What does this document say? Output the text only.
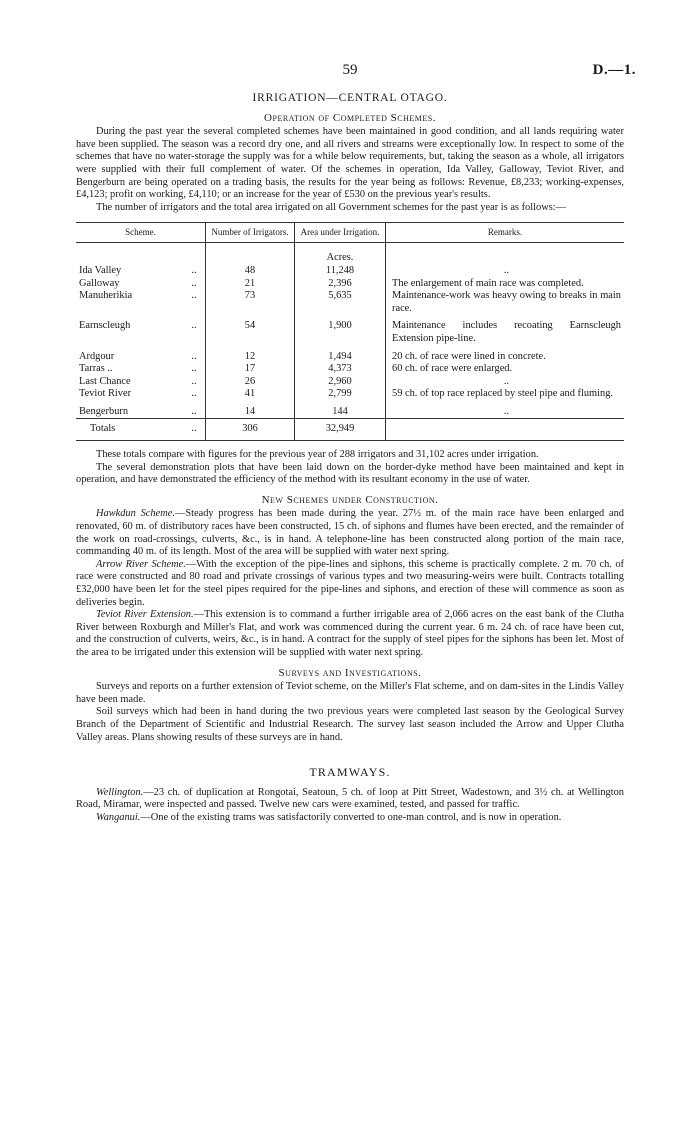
59	D.—1.
IRRIGATION—CENTRAL OTAGO.
Operation of Completed Schemes.

During the past year the several completed schemes have been maintained in good condition, and all lands requiring water have been supplied. The season was a record dry one, and all rivers and streams were exceptionally low. In respect to some of the schemes that have no water-storage the supply was for a while below requirements, but, taking the season as a whole, all irrigators were supplied with their full complement of water. Of the schemes in operation, Ida Valley, Galloway, Teviot River, and Bengerburn are being operated on a trading basis, the results for the year being as follows: Revenue, £8,233; working-expenses, £4,123; profit on working, £4,110; or an increase for the year of £530 on the previous year's results.

The number of irrigators and the total area irrigated on all Government schemes for the past year is as follows:—

Scheme.		Number of Irrigators.	Area under Irrigation.	Remarks.
			Acres.	
Ida Valley	..	48	11,248	..
Galloway	..	21	2,396	The enlargement of main race was completed.
Manuherikia	..	73	5,635	Maintenance-work was heavy owing to breaks in main race.
Earnscleugh	..	54	1,900	Maintenance includes recoating Earnscleugh Extension pipe-line.
Ardgour	..	12	1,494	20 ch. of race were lined in concrete.
Tarras ..	..	17	4,373	60 ch. of race were enlarged.
Last Chance	..	26	2,960	..
Teviot River	..	41	2,799	59 ch. of top race replaced by steel pipe and fluming.
Bengerburn	..	14	144	..
Totals	..	306	32,949	

These totals compare with figures for the previous year of 288 irrigators and 31,102 acres under irrigation.

The several demonstration plots that have been laid down on the border-dyke method have been maintained and kept in operation, and have demonstrated the efficiency of the method with its resultant economy in the use of water.

New Schemes under Construction.

Hawkdun Scheme.—Steady progress has been made during the year. 27½ m. of the main race have been enlarged and renovated, 60 m. of distributory races have been constructed, 15 ch. of siphons and flumes have been erected, and the remainder of the work on road-crossings, culverts, &c., is in hand. A telephone-line has been constructed along portion of the main race, commanding 40 m. of its length. Most of the area will be supplied with water next spring.

Arrow River Scheme.—With the exception of the pipe-lines and siphons, this scheme is practically complete. 2 m. 70 ch. of race were constructed and 80 road and private crossings of various types and two measuring-weirs were built. Contracts totalling £32,000 have been let for the steel pipes required for the pipe-lines and siphons, and erection of these will commence as soon as deliveries begin.

Teviot River Extension.—This extension is to command a further irrigable area of 2,066 acres on the east bank of the Clutha River between Roxburgh and Miller's Flat, and work was commenced during the current year. 6 m. 24 ch. of race have been cut, and the construction of culverts, weirs, &c., is in hand. A contract for the supply of steel pipes for the siphons has been let. Most of the area to be irrigated under this extension will be supplied with water next spring.

Surveys and Investigations.

Surveys and reports on a further extension of Teviot scheme, on the Miller's Flat scheme, and on dam-sites in the Lindis Valley have been made.

Soil surveys which had been in hand during the two previous years were completed last season by the Geological Survey Branch of the Department of Scientific and Industrial Research. The survey last season included the Arrow and Upper Clutha Valley areas. Plans showing results of these surveys are in hand.

TRAMWAYS.

Wellington.—23 ch. of duplication at Rongotai, Seatoun, 5 ch. of loop at Pitt Street, Wadestown, and 3½ ch. at Wellington Road, Miramar, were inspected and passed. Twelve new cars were examined, tested, and passed for traffic.

Wanganui.—One of the existing trams was satisfactorily converted to one-man control, and is now in operation.
